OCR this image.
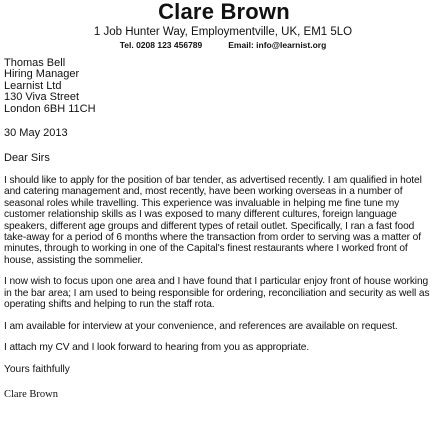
Clare Brown
1 Job Hunter Way, Employmentville, UK, EM1 5LO
Tel. 0208 123 456789	Email: info@learnist.org
Thomas Bell
Hiring Manager
Learnist Ltd
130 Viva Street
London 6BH 11CH
30 May 2013
Dear Sirs

I should like to apply for the position of bar tender, as advertised recently. I am qualified in hotel and catering management and, most recently, have been working overseas in a number of seasonal roles while travelling. This experience was invaluable in helping me fine tune my customer relationship skills as I was exposed to many different cultures, foreign language speakers, different age groups and different types of retail outlet. Specifically, I ran a fast food take-away for a period of 6 months where the transaction from order to serving was a matter of minutes, through to working in one of the Capital's finest restaurants where I worked front of house, assisting the sommelier.

I now wish to focus upon one area and I have found that I particular enjoy front of house working in the bar area; I am used to being responsible for ordering, reconciliation and security as well as operating shifts and helping to run the staff rota.

I am available for interview at your convenience, and references are available on request.

I attach my CV and I look forward to hearing from you as appropriate.

Yours faithfully
Clare Brown
